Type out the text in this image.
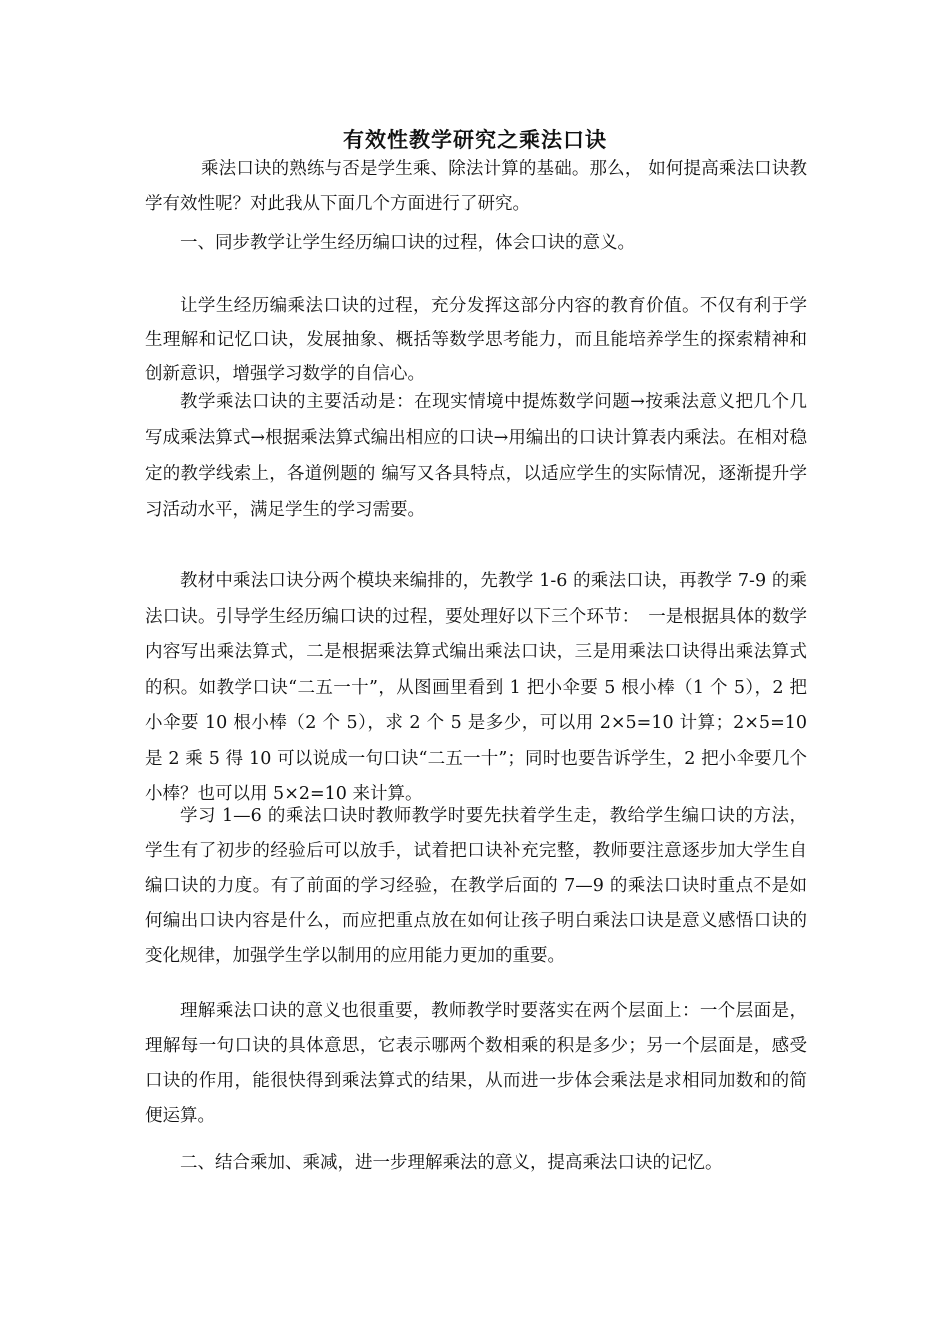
有效性教学研究之乘法口诀

乘法口诀的熟练与否是学生乘、除法计算的基础。那么， 如何提高乘法口诀教学有效性呢？对此我从下面几个方面进行了研究。

一、同步教学让学生经历编口诀的过程，体会口诀的意义。

让学生经历编乘法口诀的过程，充分发挥这部分内容的教育价值。不仅有利于学生理解和记忆口诀，发展抽象、概括等数学思考能力，而且能培养学生的探索精神和创新意识，增强学习数学的自信心。

教学乘法口诀的主要活动是：在现实情境中提炼数学问题→按乘法意义把几个几写成乘法算式→根据乘法算式编出相应的口诀→用编出的口诀计算表内乘法。在相对稳定的教学线索上，各道例题的 编写又各具特点，以适应学生的实际情况，逐渐提升学习活动水平，满足学生的学习需要。

教材中乘法口诀分两个模块来编排的，先教学 1-6 的乘法口诀，再教学 7-9 的乘法口诀。引导学生经历编口诀的过程，要处理好以下三个环节：　一是根据具体的数学内容写出乘法算式，二是根据乘法算式编出乘法口诀，三是用乘法口诀得出乘法算式的积。如教学口诀“二五一十”，从图画里看到 1 把小伞要 5 根小棒（1 个 5），2 把小伞要 10 根小棒（2 个 5），求 2 个 5 是多少，可以用 2×5=10 计算；2×5=10 是 2 乘 5 得 10 可以说成一句口诀“二五一十”；同时也要告诉学生，2 把小伞要几个小棒？也可以用 5×2=10 来计算。

学习 1—6 的乘法口诀时教师教学时要先扶着学生走，教给学生编口诀的方法，学生有了初步的经验后可以放手，试着把口诀补充完整，教师要注意逐步加大学生自编口诀的力度。有了前面的学习经验，在教学后面的 7—9 的乘法口诀时重点不是如何编出口诀内容是什么，而应把重点放在如何让孩子明白乘法口诀是意义感悟口诀的变化规律，加强学生学以制用的应用能力更加的重要。

理解乘法口诀的意义也很重要，教师教学时要落实在两个层面上：一个层面是，理解每一句口诀的具体意思，它表示哪两个数相乘的积是多少；另一个层面是，感受口诀的作用，能很快得到乘法算式的结果，从而进一步体会乘法是求相同加数和的简便运算。

二、结合乘加、乘减，进一步理解乘法的意义，提高乘法口诀的记忆。
